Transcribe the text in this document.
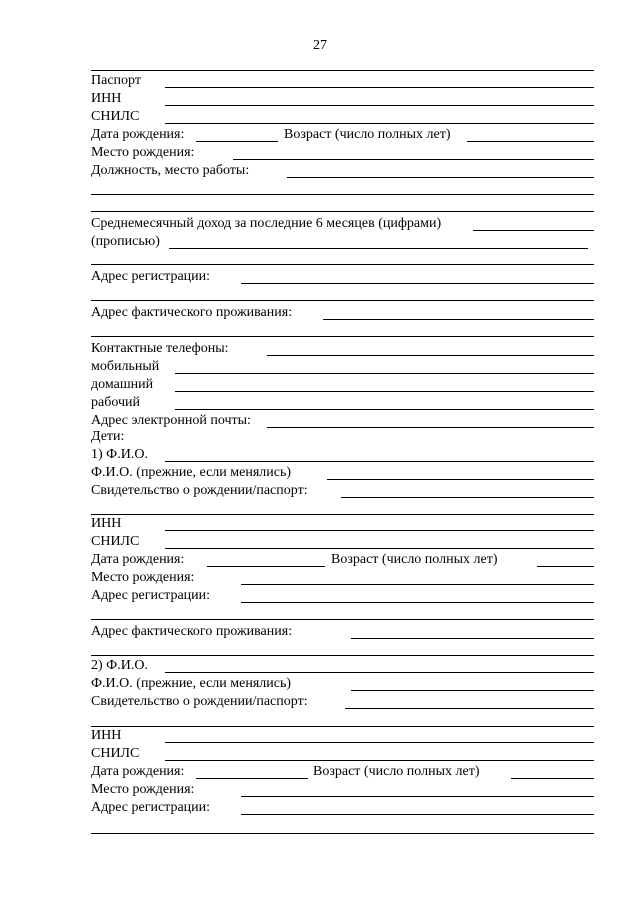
27
Паспорт
ИНН
СНИЛС
Дата рождения:	Возраст (число полных лет)
Место рождения:
Должность, место работы:
Среднемесячный доход за последние 6 месяцев (цифрами)
(прописью)
Адрес регистрации:
Адрес фактического проживания:
Контактные телефоны:
мобильный
домашний
рабочий
Адрес электронной почты:
Дети:
1) Ф.И.О.
Ф.И.О. (прежние, если менялись)
Свидетельство о рождении/паспорт:
ИНН
СНИЛС
Дата рождения:	Возраст (число полных лет)
Место рождения:
Адрес регистрации:
Адрес фактического проживания:
2) Ф.И.О.
Ф.И.О. (прежние, если менялись)
Свидетельство о рождении/паспорт:
ИНН
СНИЛС
Дата рождения:	Возраст (число полных лет)
Место рождения:
Адрес регистрации:
